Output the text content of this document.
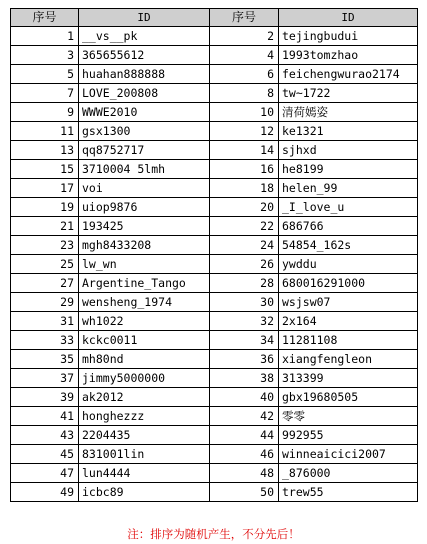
序号	ID	序号	ID
1	__vs__pk	2	tejingbudui
3	365655612	4	1993tomzhao
5	huahan888888	6	feichengwurao2174
7	LOVE_200808	8	tw~1722
9	WWWE2010	10	清荷嫣姿
11	gsx1300	12	ke1321
13	qq8752717	14	sjhxd
15	3710004 5lmh	16	he8199
17	voi	18	helen_99
19	uiop9876	20	_I_love_u
21	193425	22	686766
23	mgh8433208	24	54854_162s
25	lw_wn	26	ywddu
27	Argentine_Tango	28	680016291000
29	wensheng_1974	30	wsjsw07
31	wh1022	32	2x164
33	kckc0011	34	11281108
35	mh80nd	36	xiangfengleon
37	jimmy5000000	38	313399
39	ak2012	40	gbx19680505
41	honghezzz	42	零零
43	2204435	44	992955
45	831001lin	46	winneaicici2007
47	lun4444	48	_876000
49	icbc89	50	trew55
注：排序为随机产生，不分先后！
